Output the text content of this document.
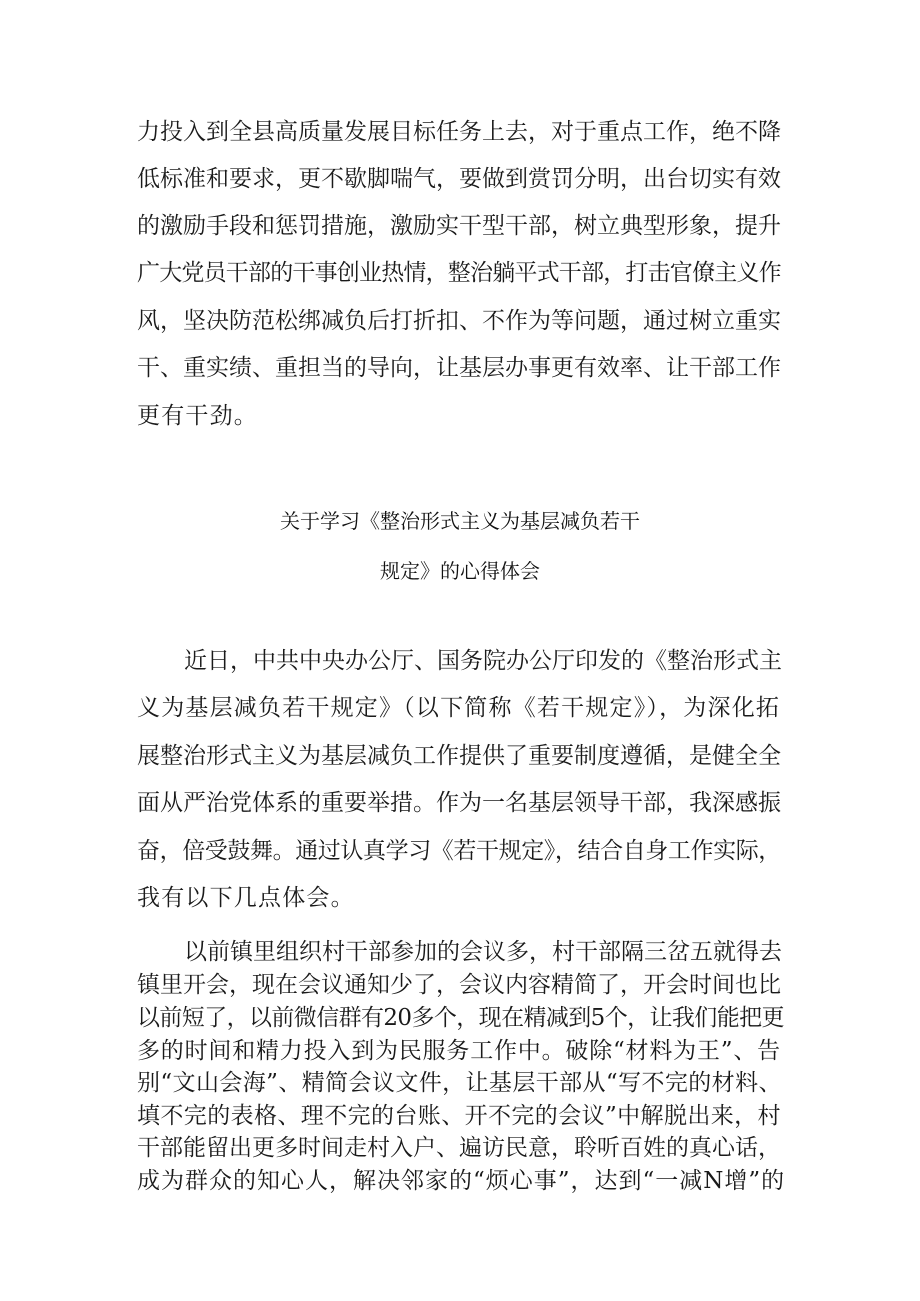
力投入到全县高质量发展目标任务上去，对于重点工作，绝不降
低标准和要求，更不歇脚喘气，要做到赏罚分明，出台切实有效
的激励手段和惩罚措施，激励实干型干部，树立典型形象，提升
广大党员干部的干事创业热情，整治躺平式干部，打击官僚主义作
风，坚决防范松绑减负后打折扣、不作为等问题，通过树立重实
干、重实绩、重担当的导向，让基层办事更有效率、让干部工作
更有干劲。
关于学习《整治形式主义为基层减负若干
规定》的心得体会
近日，中共中央办公厅、国务院办公厅印发的《整治形式主
义为基层减负若干规定》（以下简称《若干规定》），为深化拓
展整治形式主义为基层减负工作提供了重要制度遵循，是健全全
面从严治党体系的重要举措。作为一名基层领导干部，我深感振
奋，倍受鼓舞。通过认真学习《若干规定》，结合自身工作实际，
我有以下几点体会。
以前镇里组织村干部参加的会议多，村干部隔三岔五就得去
镇里开会，现在会议通知少了，会议内容精简了，开会时间也比
以前短了，以前微信群有20多个，现在精减到5个，让我们能把更
多的时间和精力投入到为民服务工作中。破除“材料为王”、告
别“文山会海”、精简会议文件，让基层干部从“写不完的材料、
填不完的表格、理不完的台账、开不完的会议”中解脱出来，村
干部能留出更多时间走村入户、遍访民意，聆听百姓的真心话，
成为群众的知心人，解决邻家的“烦心事”，达到“一减N增”的
